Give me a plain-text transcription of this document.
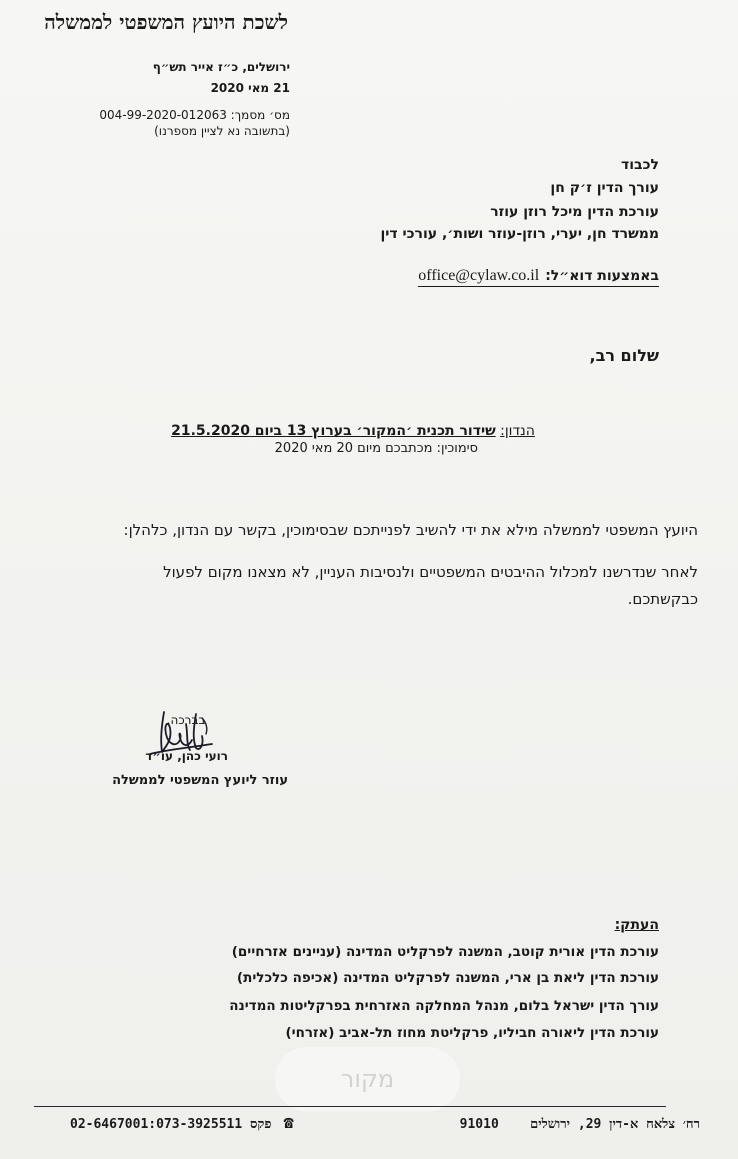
לשכת היועץ המשפטי לממשלה
ירושלים, כ״ז אייר תש״ף
21 מאי 2020
מס׳ מסמך: 004-99-2020-012063
(בתשובה נא לציין מספרנו)
לכבוד
עורך הדין ז׳ק חן
עורכת הדין מיכל רוזן עוזר
ממשרד חן, יערי, רוזן-עוזר ושות׳, עורכי דין
באמצעות דוא״ל:
office@cylaw.co.il
שלום רב,
הנדון: שידור תכנית ׳המקור׳ בערוץ 13 ביום 21.5.2020
סימוכין: מכתבכם מיום 20 מאי 2020
היועץ המשפטי לממשלה מילא את ידי להשיב לפנייתכם שבסימוכין, בקשר עם הנדון, כלהלן:
לאחר שנדרשנו למכלול ההיבטים המשפטיים ולנסיבות העניין, לא מצאנו מקום לפעול
כבקשתכם.
בברכה,
רועי כהן, עו״ד
עוזר ליועץ המשפטי לממשלה
העתק:
עורכת הדין אורית קוטב, המשנה לפרקליט המדינה (עניינים אזרחיים)
עורכת הדין ליאת בן ארי, המשנה לפרקליט המדינה (אכיפה כלכלית)
עורך הדין ישראל בלום, מנהל המחלקה האזרחית בפרקליטות המדינה
עורכת הדין ליאורה חביליו, פרקליטת מחוז תל-אביב (אזרחי)
מקור
רח׳ צלאח א-דין 29, ירושלים    91010
☎
02-6467001:073-3925511 פקס
